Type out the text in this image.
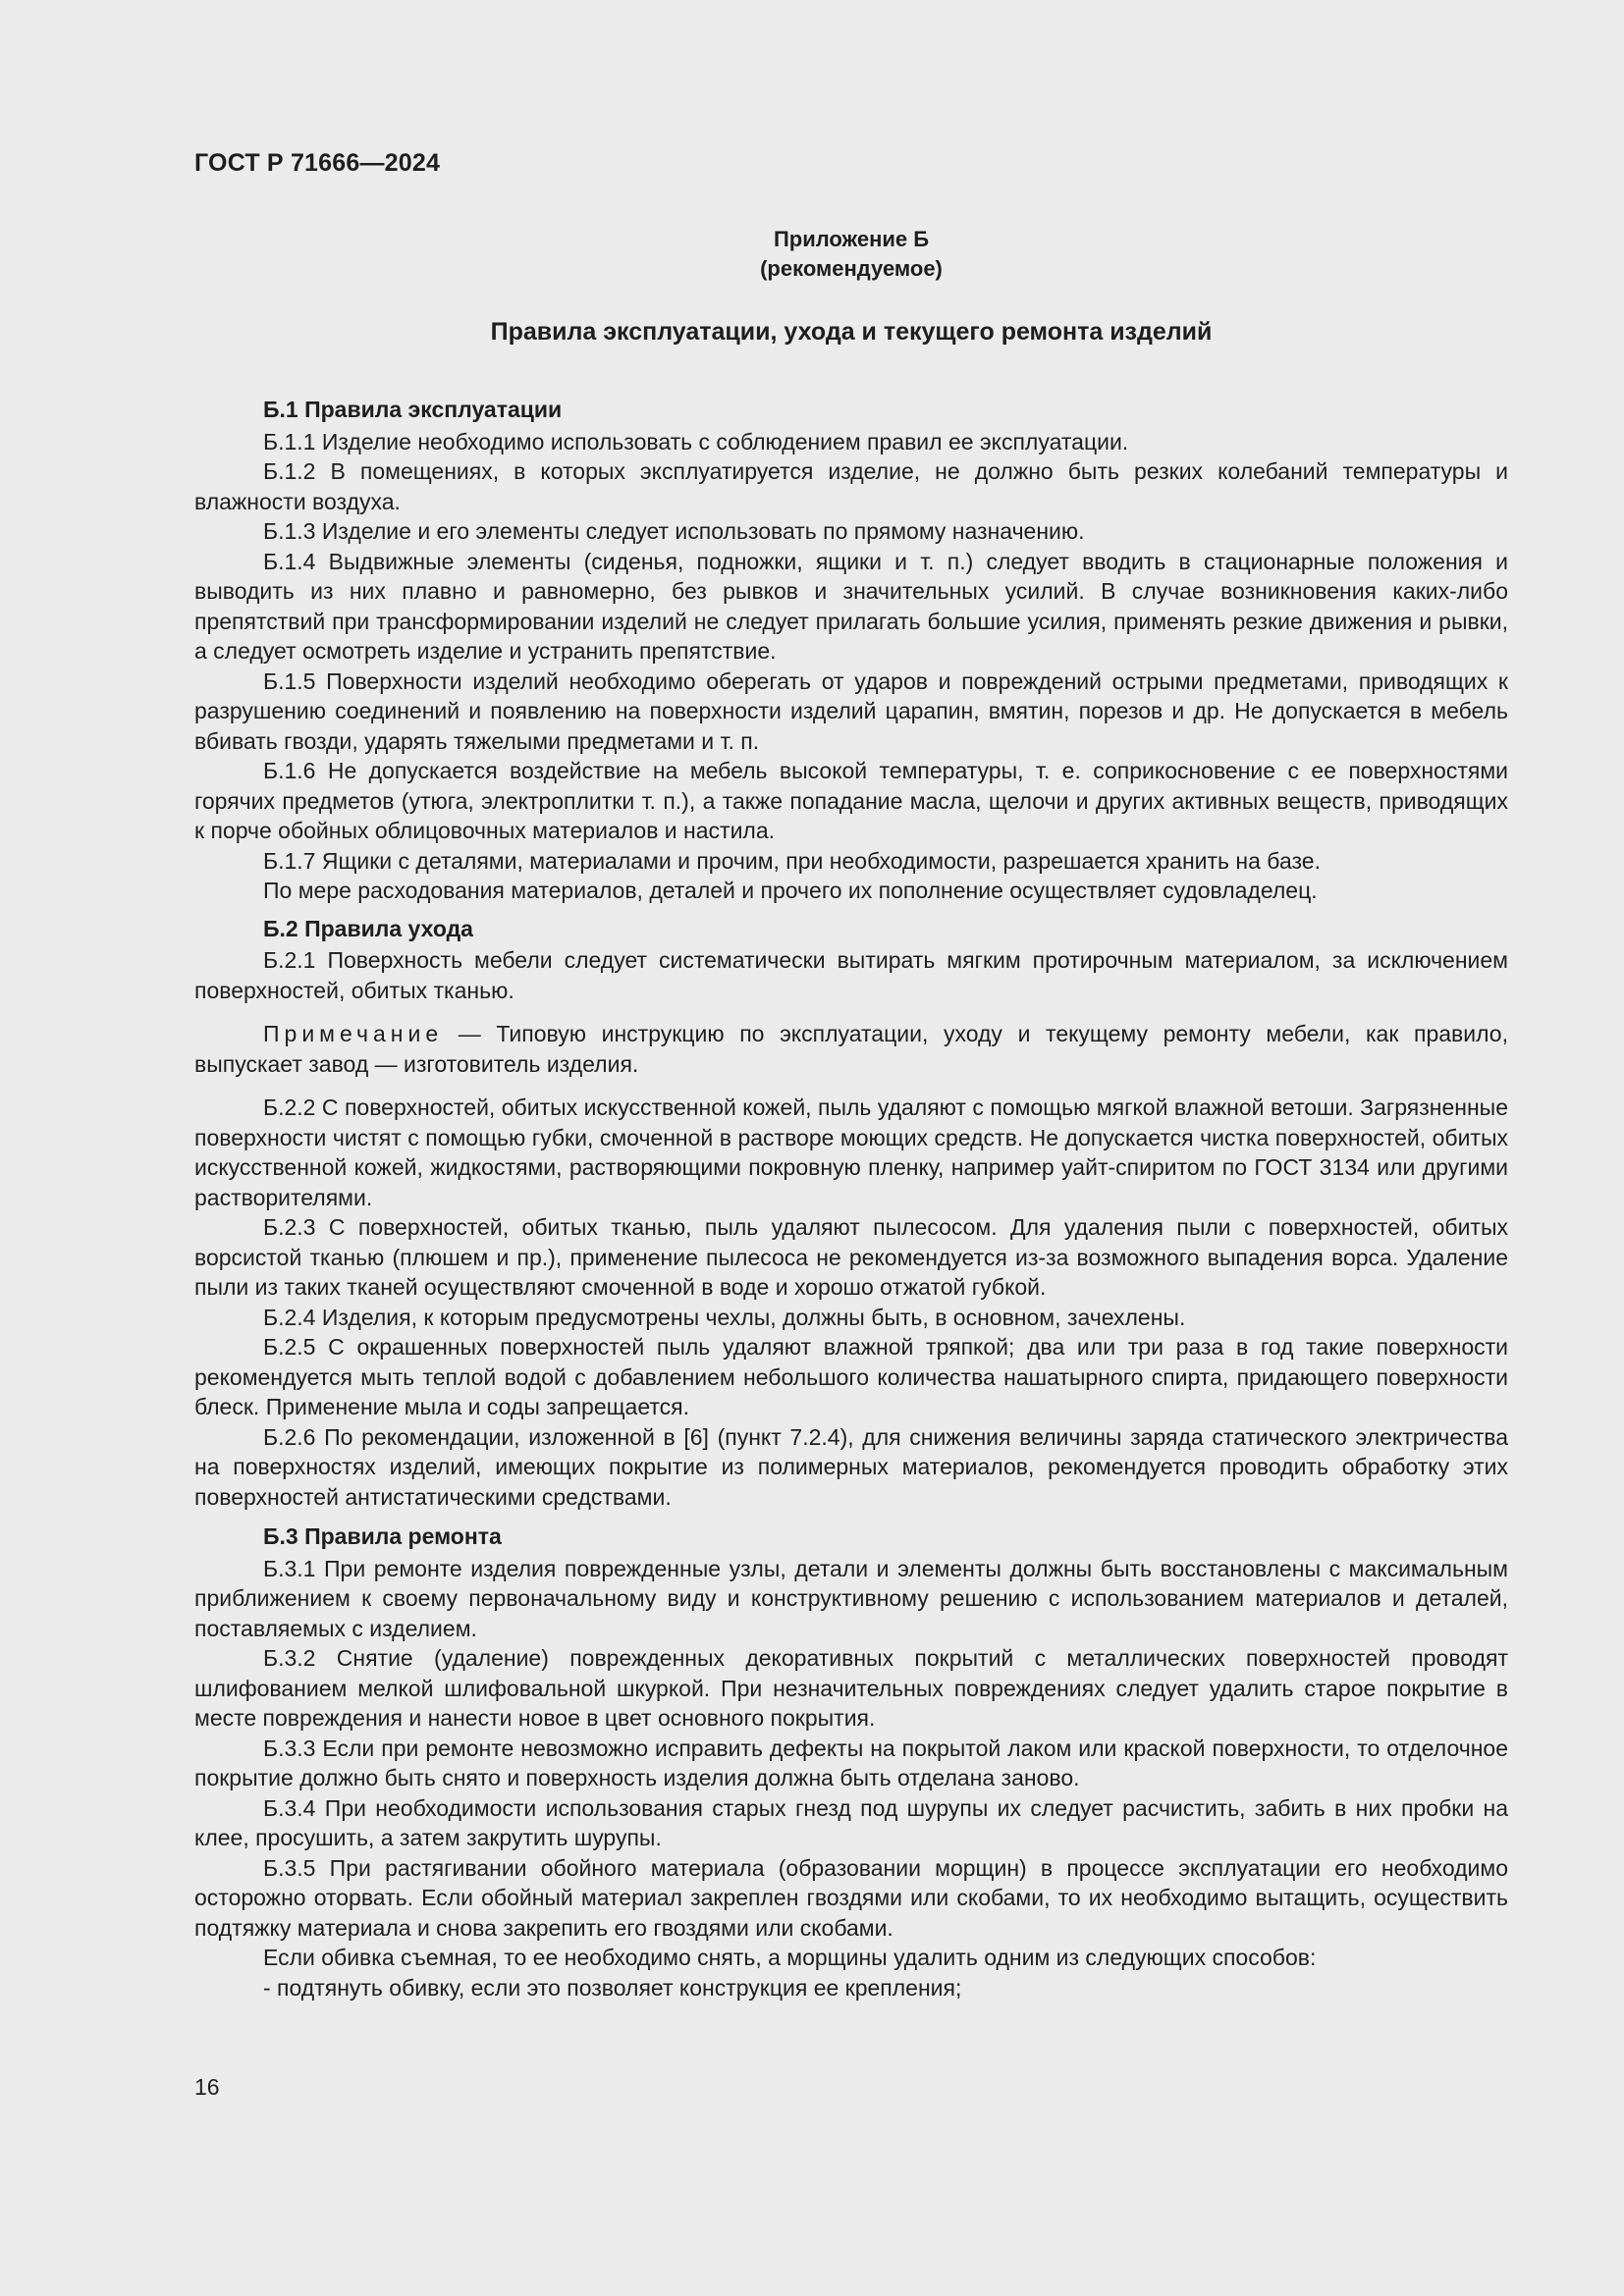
ГОСТ Р 71666—2024
Приложение Б
(рекомендуемое)
Правила эксплуатации, ухода и текущего ремонта изделий
Б.1 Правила эксплуатации

Б.1.1 Изделие необходимо использовать с соблюдением правил ее эксплуатации.

Б.1.2 В помещениях, в которых эксплуатируется изделие, не должно быть резких колебаний температуры и влажности воздуха.

Б.1.3 Изделие и его элементы следует использовать по прямому назначению.

Б.1.4 Выдвижные элементы (сиденья, подножки, ящики и т. п.) следует вводить в стационарные положения и выводить из них плавно и равномерно, без рывков и значительных усилий. В случае возникновения каких-либо препятствий при трансформировании изделий не следует прилагать большие усилия, применять резкие движения и рывки, а следует осмотреть изделие и устранить препятствие.

Б.1.5 Поверхности изделий необходимо оберегать от ударов и повреждений острыми предметами, приводящих к разрушению соединений и появлению на поверхности изделий царапин, вмятин, порезов и др. Не допускается в мебель вбивать гвозди, ударять тяжелыми предметами и т. п.

Б.1.6 Не допускается воздействие на мебель высокой температуры, т. е. соприкосновение с ее поверхностями горячих предметов (утюга, электроплитки т. п.), а также попадание масла, щелочи и других активных веществ, приводящих к порче обойных облицовочных материалов и настила.

Б.1.7 Ящики с деталями, материалами и прочим, при необходимости, разрешается хранить на базе.

По мере расходования материалов, деталей и прочего их пополнение осуществляет судовладелец.

Б.2 Правила ухода

Б.2.1 Поверхность мебели следует систематически вытирать мягким протирочным материалом, за исключением поверхностей, обитых тканью.

Примечание — Типовую инструкцию по эксплуатации, уходу и текущему ремонту мебели, как правило, выпускает завод — изготовитель изделия.

Б.2.2 С поверхностей, обитых искусственной кожей, пыль удаляют с помощью мягкой влажной ветоши. Загрязненные поверхности чистят с помощью губки, смоченной в растворе моющих средств. Не допускается чистка поверхностей, обитых искусственной кожей, жидкостями, растворяющими покровную пленку, например уайт-спиритом по ГОСТ 3134 или другими растворителями.

Б.2.3 С поверхностей, обитых тканью, пыль удаляют пылесосом. Для удаления пыли с поверхностей, обитых ворсистой тканью (плюшем и пр.), применение пылесоса не рекомендуется из-за возможного выпадения ворса. Удаление пыли из таких тканей осуществляют смоченной в воде и хорошо отжатой губкой.

Б.2.4 Изделия, к которым предусмотрены чехлы, должны быть, в основном, зачехлены.

Б.2.5 С окрашенных поверхностей пыль удаляют влажной тряпкой; два или три раза в год такие поверхности рекомендуется мыть теплой водой с добавлением небольшого количества нашатырного спирта, придающего поверхности блеск. Применение мыла и соды запрещается.

Б.2.6 По рекомендации, изложенной в [6] (пункт 7.2.4), для снижения величины заряда статического электричества на поверхностях изделий, имеющих покрытие из полимерных материалов, рекомендуется проводить обработку этих поверхностей антистатическими средствами.

Б.3 Правила ремонта

Б.3.1 При ремонте изделия поврежденные узлы, детали и элементы должны быть восстановлены с максимальным приближением к своему первоначальному виду и конструктивному решению с использованием материалов и деталей, поставляемых с изделием.

Б.3.2 Снятие (удаление) поврежденных декоративных покрытий с металлических поверхностей проводят шлифованием мелкой шлифовальной шкуркой. При незначительных повреждениях следует удалить старое покрытие в месте повреждения и нанести новое в цвет основного покрытия.

Б.3.3 Если при ремонте невозможно исправить дефекты на покрытой лаком или краской поверхности, то отделочное покрытие должно быть снято и поверхность изделия должна быть отделана заново.

Б.3.4 При необходимости использования старых гнезд под шурупы их следует расчистить, забить в них пробки на клее, просушить, а затем закрутить шурупы.

Б.3.5 При растягивании обойного материала (образовании морщин) в процессе эксплуатации его необходимо осторожно оторвать. Если обойный материал закреплен гвоздями или скобами, то их необходимо вытащить, осуществить подтяжку материала и снова закрепить его гвоздями или скобами.

Если обивка съемная, то ее необходимо снять, а морщины удалить одним из следующих способов:

- подтянуть обивку, если это позволяет конструкция ее крепления;

16
